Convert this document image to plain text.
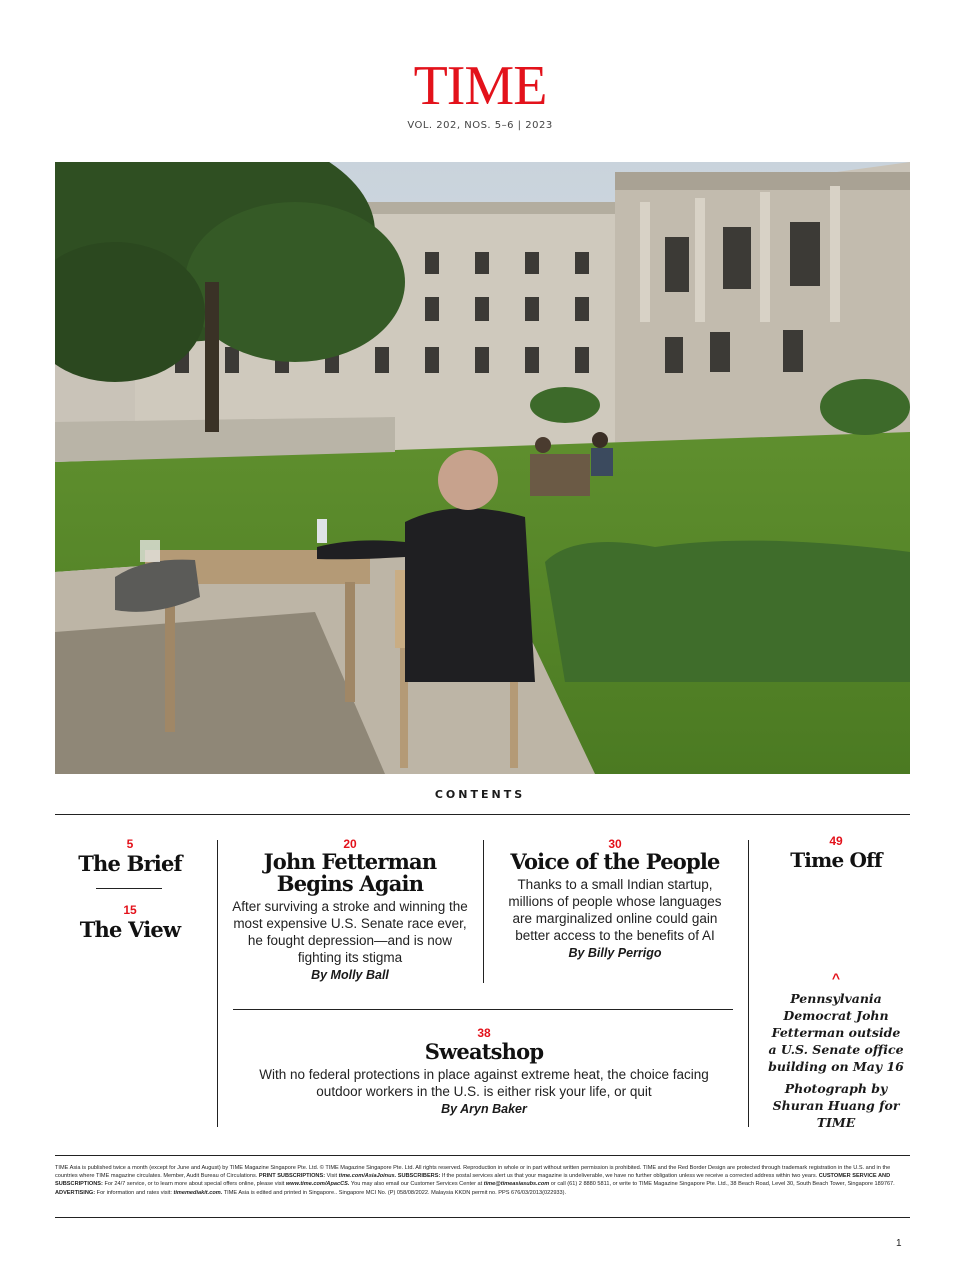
TIME
VOL. 202, NOS. 5–6 | 2023
CONTENTS
5
The Brief
15
The View
20
John Fetterman
Begins Again
After surviving a stroke and winning the most expensive U.S. Senate race ever, he fought depression—and is now fighting its stigma
By Molly Ball
30
Voice of the People
Thanks to a small Indian startup, millions of people whose languages are marginalized online could gain better access to the benefits of AI
By Billy Perrigo
49
Time Off
38
Sweatshop
With no federal protections in place against extreme heat, the choice facing outdoor workers in the U.S. is either risk your life, or quit
By Aryn Baker
^
Pennsylvania Democrat John Fetterman outside a U.S. Senate office building on May 16
Photograph by Shuran Huang for TIME
TIME Asia is published twice a month (except for June and August) by TIME Magazine Singapore Pte. Ltd. © TIME Magazine Singapore Pte. Ltd. All rights reserved. Reproduction in whole or in part without written permission is prohibited. TIME and the Red Border Design are protected through trademark registration in the U.S. and in the countries where TIME magazine circulates. Member, Audit Bureau of Circulations. PRINT SUBSCRIPTIONS: Visit time.com/AsiaJoinus. SUBSCRIBERS: If the postal services alert us that your magazine is undeliverable, we have no further obligation unless we receive a corrected address within two years. CUSTOMER SERVICE AND SUBSCRIPTIONS: For 24/7 service, or to learn more about special offers online, please visit www.time.com/ApacCS. You may also email our Customer Services Center at time@timeasiasubs.com or call (61) 2 8880 5811, or write to TIME Magazine Singapore Pte. Ltd., 38 Beach Road, Level 30, South Beach Tower, Singapore 189767. ADVERTISING: For information and rates visit: timemediakit.com. TIME Asia is edited and printed in Singapore.. Singapore MCI No. (P) 058/08/2022. Malaysia KKDN permit no. PPS 676/03/2013(022933).
1
